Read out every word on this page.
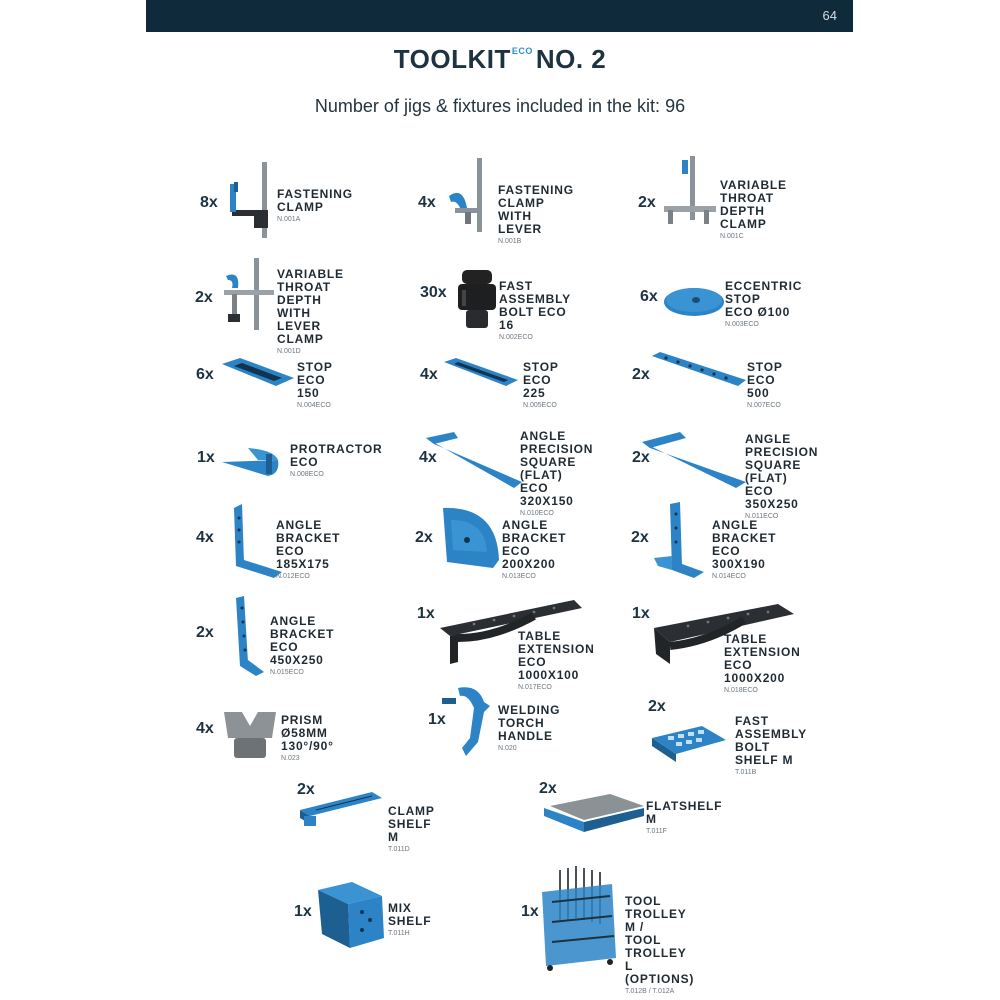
64
$TOOLKIT^{ECO}$ NO. 2
Number of jigs & fixtures included in the kit: 96
8x	FASTENING
CLAMP
N.001A
4x
FASTENING
CLAMP
WITH LEVER
N.001B
2x
VARIABLE
THROAT
DEPTH CLAMP
N.001C
2x
VARIABLE
THROAT DEPTH
WITH LEVER
CLAMP
N.001D
30x	FAST ASSEMBLY
BOLT ECO 16
N.002ECO
6x
ECCENTRIC STOP
ECO Ø100
N.003ECO
6x	STOP ECO
150
N.004ECO
4x	STOP ECO
225
N.005ECO
2x	STOP ECO
500
N.007ECO
1x	PROTRACTOR
ECO
N.008ECO
4x
ANGLE PRECISION
SQUARE (FLAT)
ECO 320X150
N.010ECO
2x
ANGLE PRECISION
SQUARE (FLAT)
ECO 350X250
N.011ECO
4x
ANGLE BRACKET
ECO 185X175
N.012ECO
2x
ANGLE BRACKET
ECO 200X200
N.013ECO
2x
ANGLE BRACKET
ECO 300X190
N.014ECO
2x
ANGLE BRACKET
ECO 450X250
N.015ECO
1x
TABLE EXTENSION
ECO 1000X100
N.017ECO
1x
TABLE EXTENSION
ECO 1000X200
N.018ECO
4x	PRISM Ø58MM
130°/90°
N.023
1x
WELDING TORCH
HANDLE
N.020
2x
FAST ASSEMBLY
BOLT SHELF M
T.011B
2x
CLAMP SHELF M
T.011D
2x
FLATSHELF M
T.011F
1x	MIX SHELF
T.011H
1x
TOOL TROLLEY M /
TOOL TROLLEY L
(OPTIONS)
T.012B / T.012A
